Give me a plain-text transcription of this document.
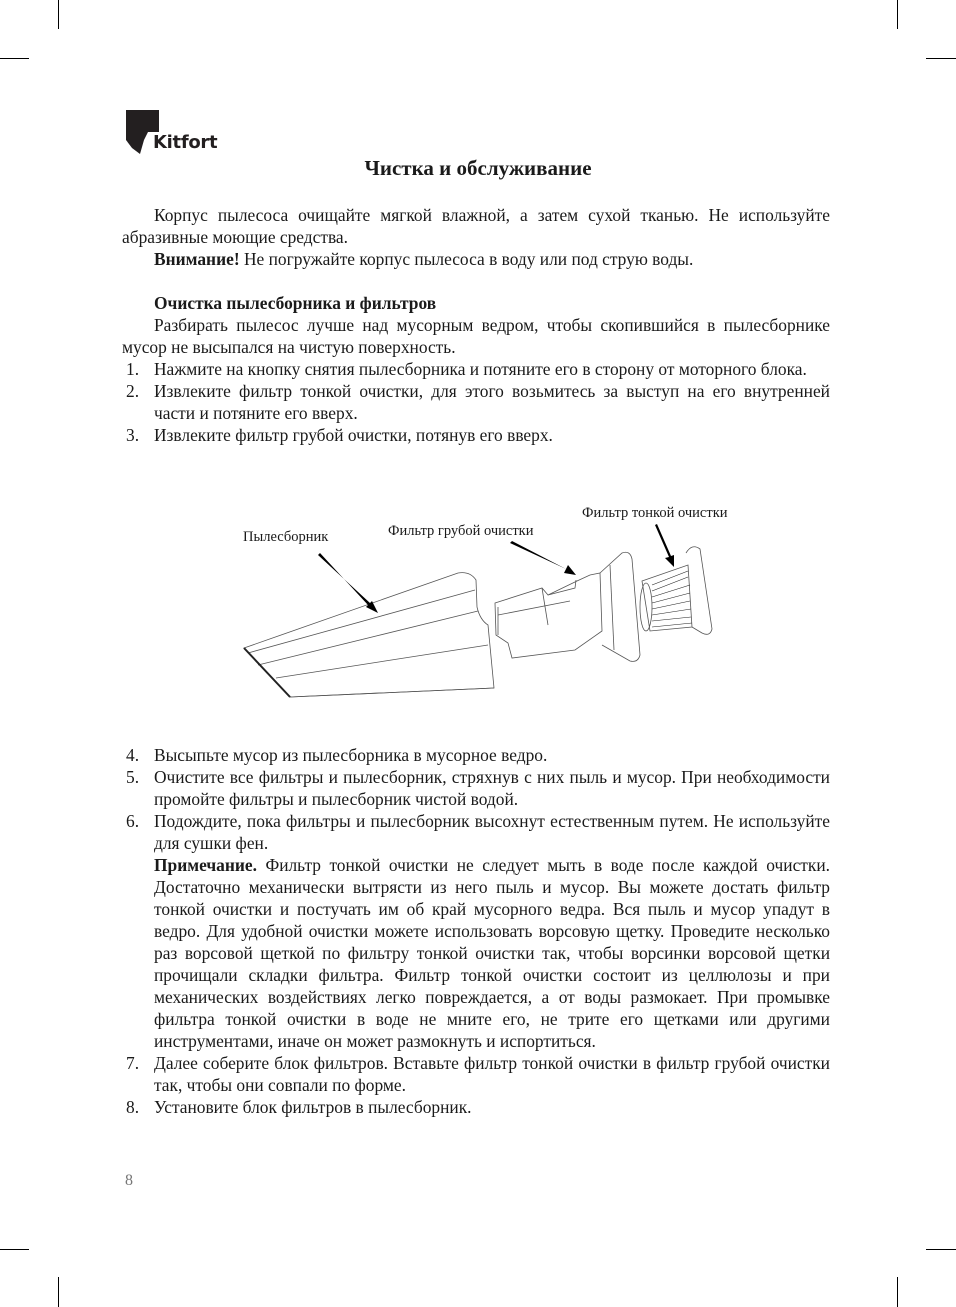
Kitfort
Чистка и обслуживание

Корпус пылесоса очищайте мягкой влажной, а затем сухой тканью. Не используйте абразивные моющие средства.

Внимание! Не погружайте корпус пылесоса в воду или под струю воды.

Очистка пылесборника и фильтров

Разбирать пылесос лучше над мусорным ведром, чтобы скопившийся в пылесборнике мусор не высыпался на чистую поверхность.

1. Нажмите на кнопку снятия пылесборника и потяните его в сторону от моторного блока.
2. Извлеките фильтр тонкой очистки, для этого возьмитесь за выступ на его внутренней части и потяните его вверх.
3. Извлеките фильтр грубой очистки, потянув его вверх.
Пылесборник	Фильтр грубой очистки
Фильтр тонкой очистки
4. Высыпьте мусор из пылесборника в мусорное ведро.
5. Очистите все фильтры и пылесборник, стряхнув с них пыль и мусор. При необходимости промойте фильтры и пылесборник чистой водой.
6. Подождите, пока фильтры и пылесборник высохнут естественным путем. Не используйте для сушки фен.

Примечание. Фильтр тонкой очистки не следует мыть в воде после каждой очистки. Достаточно механически вытрясти из него пыль и мусор. Вы можете достать фильтр тонкой очистки и постучать им об край мусорного ведра. Вся пыль и мусор упадут в ведро. Для удобной очистки можете использовать ворсовую щетку. Проведите несколько раз ворсовой щеткой по фильтру тонкой очистки так, чтобы ворсинки ворсовой щетки прочищали складки фильтра. Фильтр тонкой очистки состоит из целлюлозы и при механических воздействиях легко повреждается, а от воды размокает. При промывке фильтра тонкой очистки в воде не мните его, не трите его щетками или другими инструментами, иначе он может размокнуть и испортиться.

7. Далее соберите блок фильтров. Вставьте фильтр тонкой очистки в фильтр грубой очистки так, чтобы они совпали по форме.
8. Установите блок фильтров в пылесборник.
8
